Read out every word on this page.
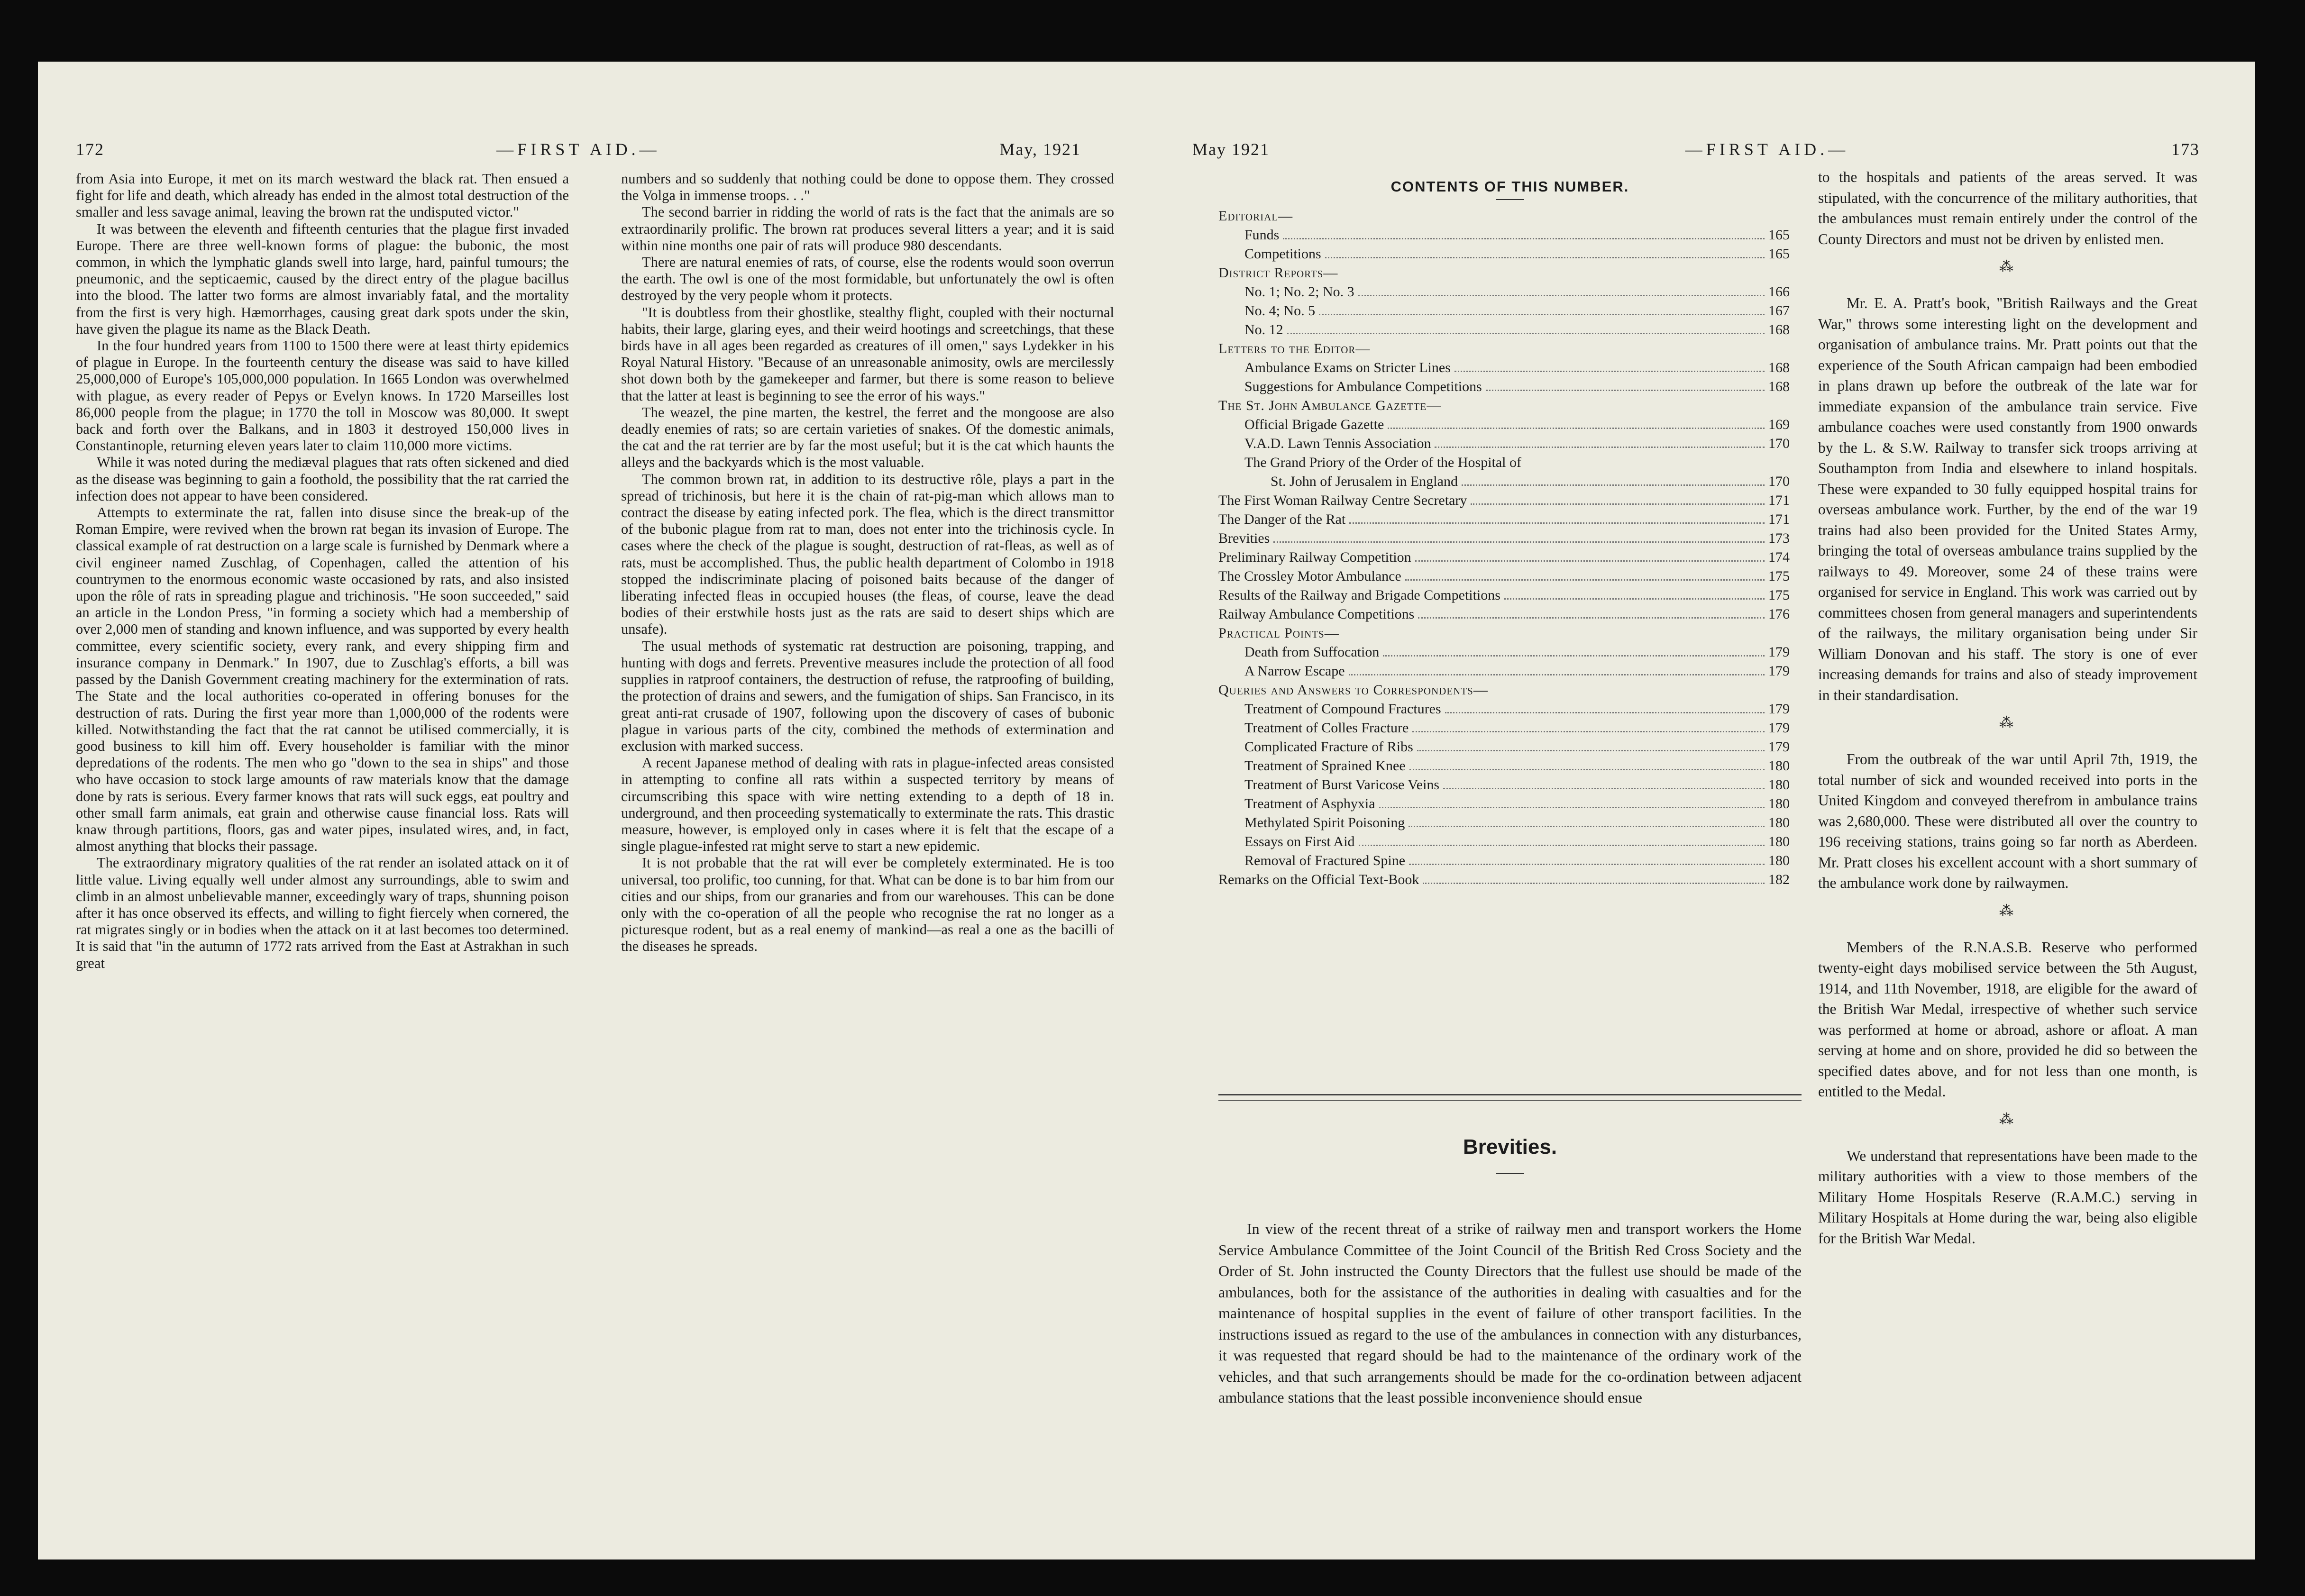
172	—FIRST AID.—	May, 1921

from Asia into Europe, it met on its march westward the black rat. Then ensued a fight for life and death, which already has ended in the almost total destruction of the smaller and less savage animal, leaving the brown rat the undisputed victor."

It was between the eleventh and fifteenth centuries that the plague first invaded Europe. There are three well-known forms of plague: the bubonic, the most common, in which the lymphatic glands swell into large, hard, painful tumours; the pneumonic, and the septicaemic, caused by the direct entry of the plague bacillus into the blood. The latter two forms are almost invariably fatal, and the mortality from the first is very high. Hæmorrhages, causing great dark spots under the skin, have given the plague its name as the Black Death.

In the four hundred years from 1100 to 1500 there were at least thirty epidemics of plague in Europe. In the fourteenth century the disease was said to have killed 25,000,000 of Europe's 105,000,000 population. In 1665 London was overwhelmed with plague, as every reader of Pepys or Evelyn knows. In 1720 Marseilles lost 86,000 people from the plague; in 1770 the toll in Moscow was 80,000. It swept back and forth over the Balkans, and in 1803 it destroyed 150,000 lives in Constantinople, returning eleven years later to claim 110,000 more victims.

While it was noted during the mediæval plagues that rats often sickened and died as the disease was beginning to gain a foothold, the possibility that the rat carried the infection does not appear to have been considered.

Attempts to exterminate the rat, fallen into disuse since the break-up of the Roman Empire, were revived when the brown rat began its invasion of Europe. The classical example of rat destruction on a large scale is furnished by Denmark where a civil engineer named Zuschlag, of Copenhagen, called the attention of his countrymen to the enormous economic waste occasioned by rats, and also insisted upon the rôle of rats in spreading plague and trichinosis. "He soon succeeded," said an article in the London Press, "in forming a society which had a membership of over 2,000 men of standing and known influence, and was supported by every health committee, every scientific society, every rank, and every shipping firm and insurance company in Denmark." In 1907, due to Zuschlag's efforts, a bill was passed by the Danish Government creating machinery for the extermination of rats. The State and the local authorities co-operated in offering bonuses for the destruction of rats. During the first year more than 1,000,000 of the rodents were killed. Notwithstanding the fact that the rat cannot be utilised commercially, it is good business to kill him off. Every householder is familiar with the minor depredations of the rodents. The men who go "down to the sea in ships" and those who have occasion to stock large amounts of raw materials know that the damage done by rats is serious. Every farmer knows that rats will suck eggs, eat poultry and other small farm animals, eat grain and otherwise cause financial loss. Rats will knaw through partitions, floors, gas and water pipes, insulated wires, and, in fact, almost anything that blocks their passage.

The extraordinary migratory qualities of the rat render an isolated attack on it of little value. Living equally well under almost any surroundings, able to swim and climb in an almost unbelievable manner, exceedingly wary of traps, shunning poison after it has once observed its effects, and willing to fight fiercely when cornered, the rat migrates singly or in bodies when the attack on it at last becomes too determined. It is said that "in the autumn of 1772 rats arrived from the East at Astrakhan in such great

numbers and so suddenly that nothing could be done to oppose them. They crossed the Volga in immense troops. . ."

The second barrier in ridding the world of rats is the fact that the animals are so extraordinarily prolific. The brown rat produces several litters a year; and it is said within nine months one pair of rats will produce 980 descendants.

There are natural enemies of rats, of course, else the rodents would soon overrun the earth. The owl is one of the most formidable, but unfortunately the owl is often destroyed by the very people whom it protects.

"It is doubtless from their ghostlike, stealthy flight, coupled with their nocturnal habits, their large, glaring eyes, and their weird hootings and screetchings, that these birds have in all ages been regarded as creatures of ill omen," says Lydekker in his Royal Natural History. "Because of an unreasonable animosity, owls are mercilessly shot down both by the gamekeeper and farmer, but there is some reason to believe that the latter at least is beginning to see the error of his ways."

The weazel, the pine marten, the kestrel, the ferret and the mongoose are also deadly enemies of rats; so are certain varieties of snakes. Of the domestic animals, the cat and the rat terrier are by far the most useful; but it is the cat which haunts the alleys and the backyards which is the most valuable.

The common brown rat, in addition to its destructive rôle, plays a part in the spread of trichinosis, but here it is the chain of rat-pig-man which allows man to contract the disease by eating infected pork. The flea, which is the direct transmittor of the bubonic plague from rat to man, does not enter into the trichinosis cycle. In cases where the check of the plague is sought, destruction of rat-fleas, as well as of rats, must be accomplished. Thus, the public health department of Colombo in 1918 stopped the indiscriminate placing of poisoned baits because of the danger of liberating infected fleas in occupied houses (the fleas, of course, leave the dead bodies of their erstwhile hosts just as the rats are said to desert ships which are unsafe).

The usual methods of systematic rat destruction are poisoning, trapping, and hunting with dogs and ferrets. Preventive measures include the protection of all food supplies in ratproof containers, the destruction of refuse, the ratproofing of building, the protection of drains and sewers, and the fumigation of ships. San Francisco, in its great anti-rat crusade of 1907, following upon the discovery of cases of bubonic plague in various parts of the city, combined the methods of extermination and exclusion with marked success.

A recent Japanese method of dealing with rats in plague-infected areas consisted in attempting to confine all rats within a suspected territory by means of circumscribing this space with wire netting extending to a depth of 18 in. underground, and then proceeding systematically to exterminate the rats. This drastic measure, however, is employed only in cases where it is felt that the escape of a single plague-infested rat might serve to start a new epidemic.

It is not probable that the rat will ever be completely exterminated. He is too universal, too prolific, too cunning, for that. What can be done is to bar him from our cities and our ships, from our granaries and from our warehouses. This can be done only with the co-operation of all the people who recognise the rat no longer as a picturesque rodent, but as a real enemy of mankind—as real a one as the bacilli of the diseases he spreads.

May 1921	—FIRST AID.—	173
CONTENTS OF THIS NUMBER.
Editorial—
Funds	165
Competitions	165
District Reports—
No. 1; No. 2; No. 3	166
No. 4; No. 5	167
No. 12	168
Letters to the Editor—
Ambulance Exams on Stricter Lines	168
Suggestions for Ambulance Competitions	168
The St. John Ambulance Gazette—
Official Brigade Gazette	169
V.A.D. Lawn Tennis Association	170
The Grand Priory of the Order of the Hospital of
St. John of Jerusalem in England	170
The First Woman Railway Centre Secretary	171
The Danger of the Rat	171
Brevities	173
Preliminary Railway Competition	174
The Crossley Motor Ambulance	175
Results of the Railway and Brigade Competitions	175
Railway Ambulance Competitions	176
Practical Points—
Death from Suffocation	179
A Narrow Escape	179
Queries and Answers to Correspondents—
Treatment of Compound Fractures	179
Treatment of Colles Fracture	179
Complicated Fracture of Ribs	179
Treatment of Sprained Knee	180
Treatment of Burst Varicose Veins	180
Treatment of Asphyxia	180
Methylated Spirit Poisoning	180
Essays on First Aid	180
Removal of Fractured Spine	180
Remarks on the Official Text-Book	182
Brevities.

In view of the recent threat of a strike of railway men and transport workers the Home Service Ambulance Committee of the Joint Council of the British Red Cross Society and the Order of St. John instructed the County Directors that the fullest use should be made of the ambulances, both for the assistance of the authorities in dealing with casualties and for the maintenance of hospital supplies in the event of failure of other transport facilities. In the instructions issued as regard to the use of the ambulances in connection with any disturbances, it was requested that regard should be had to the maintenance of the ordinary work of the vehicles, and that such arrangements should be made for the co-ordination between adjacent ambulance stations that the least possible inconvenience should ensue

to the hospitals and patients of the areas served. It was stipulated, with the concurrence of the military authorities, that the ambulances must remain entirely under the control of the County Directors and must not be driven by enlisted men.

⁂

Mr. E. A. Pratt's book, "British Railways and the Great War," throws some interesting light on the development and organisation of ambulance trains. Mr. Pratt points out that the experience of the South African campaign had been embodied in plans drawn up before the outbreak of the late war for immediate expansion of the ambulance train service. Five ambulance coaches were used constantly from 1900 onwards by the L. & S.W. Railway to transfer sick troops arriving at Southampton from India and elsewhere to inland hospitals. These were expanded to 30 fully equipped hospital trains for overseas ambulance work. Further, by the end of the war 19 trains had also been provided for the United States Army, bringing the total of overseas ambulance trains supplied by the railways to 49. Moreover, some 24 of these trains were organised for service in England. This work was carried out by committees chosen from general managers and superintendents of the railways, the military organisation being under Sir William Donovan and his staff. The story is one of ever increasing demands for trains and also of steady improvement in their standardisation.

⁂

From the outbreak of the war until April 7th, 1919, the total number of sick and wounded received into ports in the United Kingdom and conveyed therefrom in ambulance trains was 2,680,000. These were distributed all over the country to 196 receiving stations, trains going so far north as Aberdeen. Mr. Pratt closes his excellent account with a short summary of the ambulance work done by railwaymen.

⁂

Members of the R.N.A.S.B. Reserve who performed twenty-eight days mobilised service between the 5th August, 1914, and 11th November, 1918, are eligible for the award of the British War Medal, irrespective of whether such service was performed at home or abroad, ashore or afloat. A man serving at home and on shore, provided he did so between the specified dates above, and for not less than one month, is entitled to the Medal.

⁂

We understand that representations have been made to the military authorities with a view to those members of the Military Home Hospitals Reserve (R.A.M.C.) serving in Military Hospitals at Home during the war, being also eligible for the British War Medal.
